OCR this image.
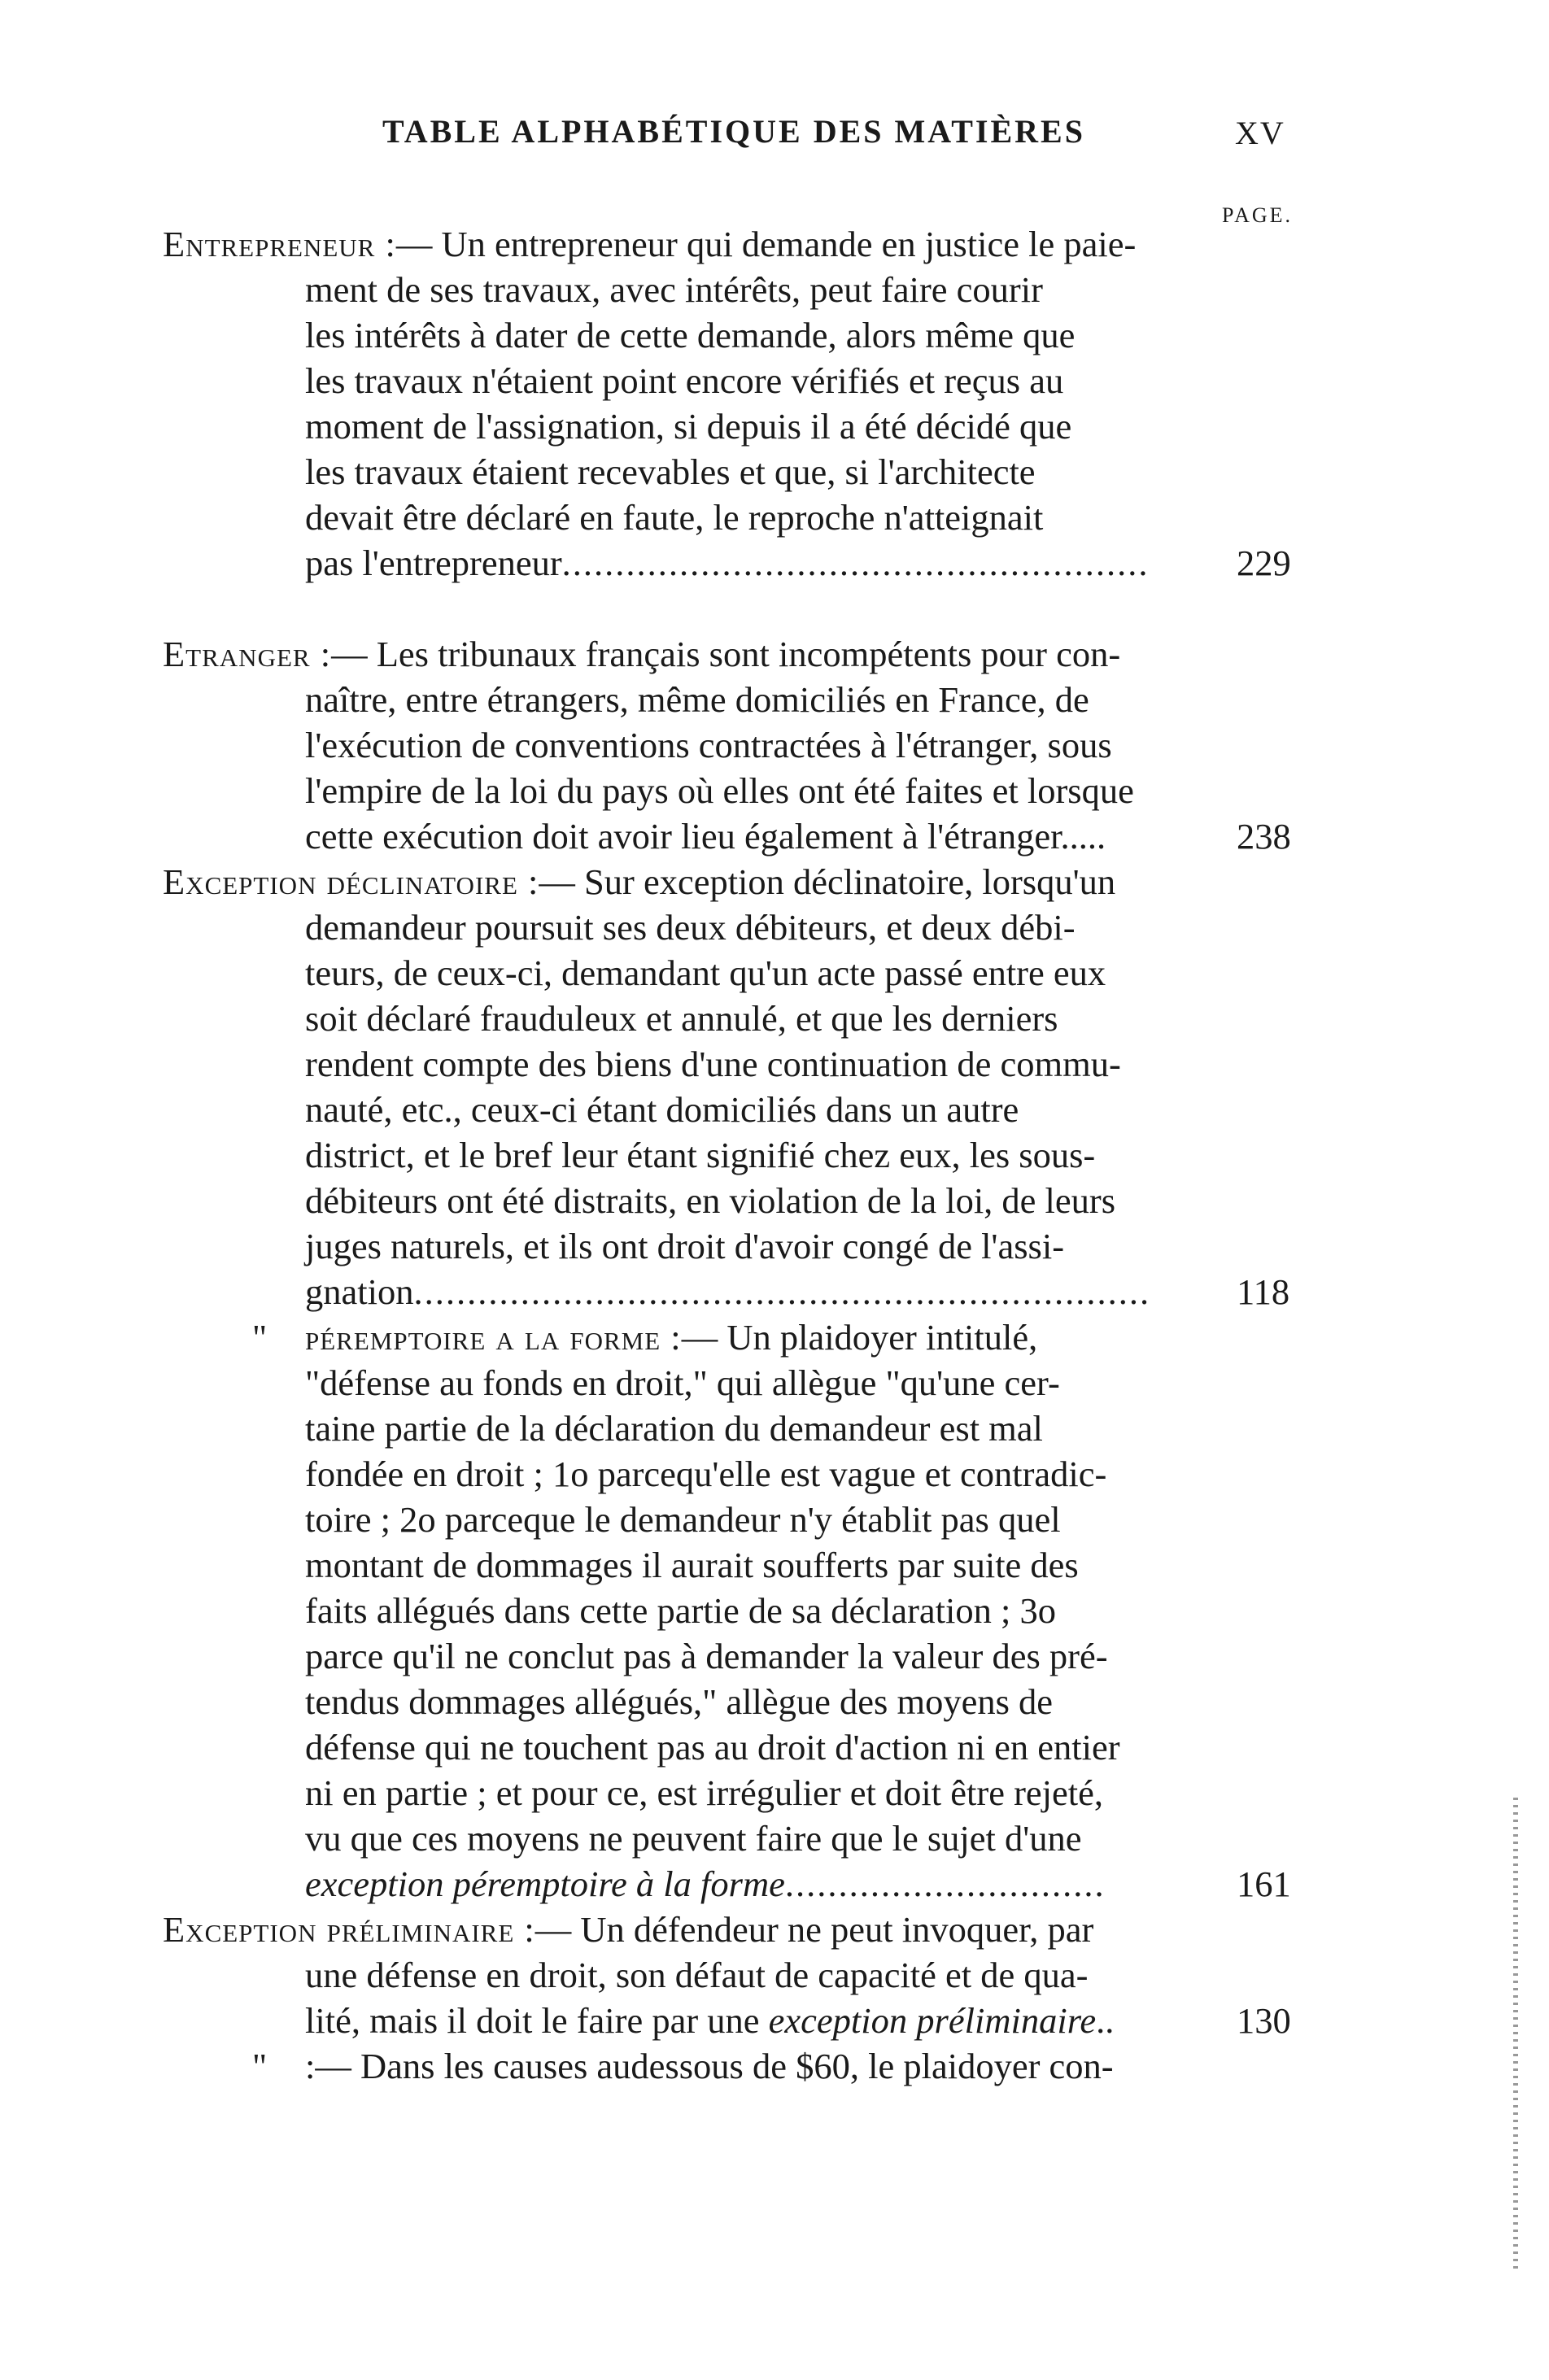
TABLE ALPHABÉTIQUE DES MATIÈRES	XV
PAGE.
Entrepreneur :— Un entrepreneur qui demande en justice le paie-
ment de ses travaux, avec intérêts, peut faire courir
les intérêts à dater de cette demande, alors même que
les travaux n'étaient point encore vérifiés et reçus au
moment de l'assignation, si depuis il a été décidé que
les travaux étaient recevables et que, si l'architecte
devait être déclaré en faute, le reproche n'atteignait
pas l'entrepreneur.......................................................	229
Etranger :— Les tribunaux français sont incompétents pour con-
naître, entre étrangers, même domiciliés en France, de
l'exécution de conventions contractées à l'étranger, sous
l'empire de la loi du pays où elles ont été faites et lorsque
cette exécution doit avoir lieu également à l'étranger.....	238
Exception déclinatoire :— Sur exception déclinatoire, lorsqu'un
demandeur poursuit ses deux débiteurs, et deux débi-
teurs, de ceux-ci, demandant qu'un acte passé entre eux
soit déclaré frauduleux et annulé, et que les derniers
rendent compte des biens d'une continuation de commu-
nauté, etc., ceux-ci étant domiciliés dans un autre
district, et le bref leur étant signifié chez eux, les sous-
débiteurs ont été distraits, en violation de la loi, de leurs
juges naturels, et ils ont droit d'avoir congé de l'assi-
gnation.....................................................................	118
"	péremptoire a la forme :— Un plaidoyer intitulé,
"défense au fonds en droit," qui allègue "qu'une cer-
taine partie de la déclaration du demandeur est mal
fondée en droit ; 1o parcequ'elle est vague et contradic-
toire ; 2o parceque le demandeur n'y établit pas quel
montant de dommages il aurait soufferts par suite des
faits allégués dans cette partie de sa déclaration ; 3o
parce qu'il ne conclut pas à demander la valeur des pré-
tendus dommages allégués," allègue des moyens de
défense qui ne touchent pas au droit d'action ni en entier
ni en partie ; et pour ce, est irrégulier et doit être rejeté,
vu que ces moyens ne peuvent faire que le sujet d'une
exception péremptoire à la forme..............................	161
Exception préliminaire :— Un défendeur ne peut invoquer, par
une défense en droit, son défaut de capacité et de qua-
lité, mais il doit le faire par une exception préliminaire..	130
"	:— Dans les causes audessous de $60, le plaidoyer con-
